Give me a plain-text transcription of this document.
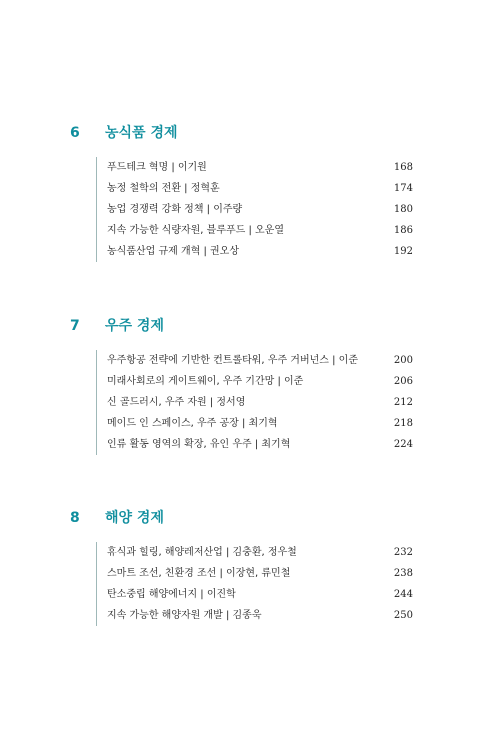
6 농식품 경제
푸드테크 혁명 | 이기원	168
농정 철학의 전환 | 정혁훈	174
농업 경쟁력 강화 정책 | 이주량	180
지속 가능한 식량자원, 블루푸드 | 오운열	186
농식품산업 규제 개혁 | 권오상	192
7 우주 경제
우주항공 전략에 기반한 컨트롤타워, 우주 거버넌스 | 이준	200
미래사회로의 게이트웨이, 우주 기간망 | 이준	206
신 골드러시, 우주 자원 | 정서영	212
메이드 인 스페이스, 우주 공장 | 최기혁	218
인류 활동 영역의 확장, 유인 우주 | 최기혁	224
8 해양 경제
휴식과 힐링, 해양레저산업 | 김충환, 정우철	232
스마트 조선, 친환경 조선 | 이장현, 류민철	238
탄소중립 해양에너지 | 이진학	244
지속 가능한 해양자원 개발 | 김종욱	250
